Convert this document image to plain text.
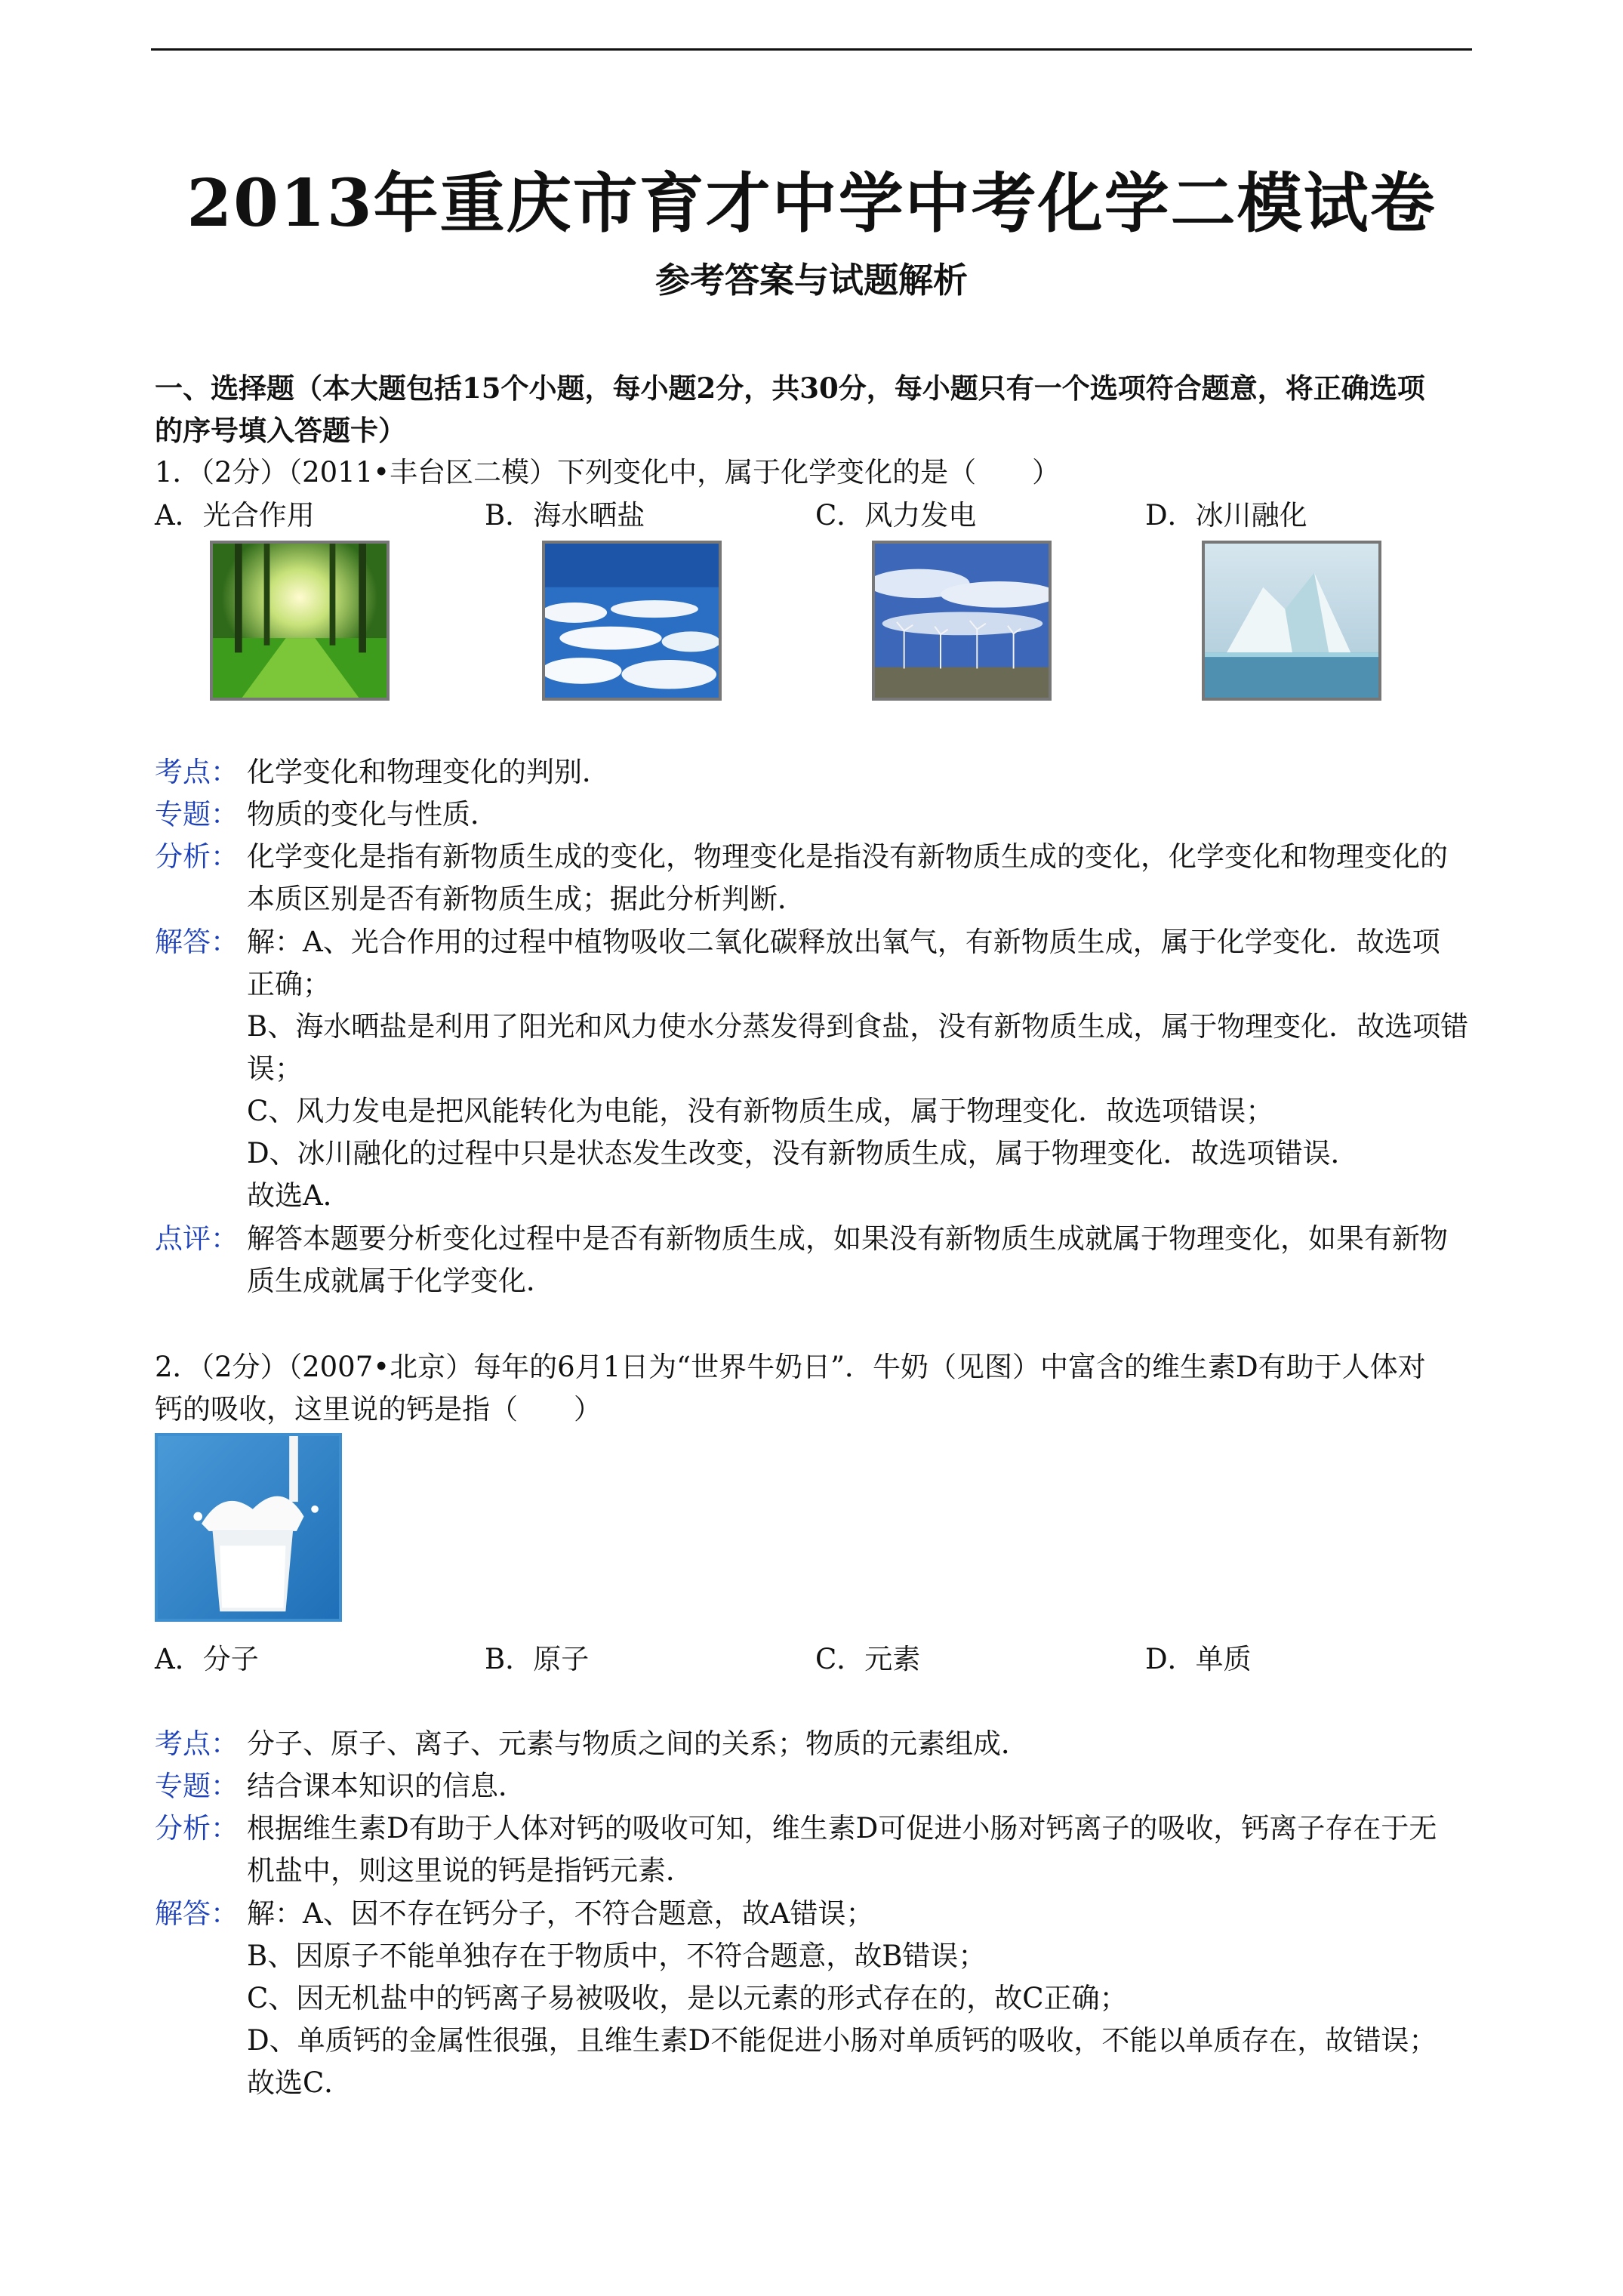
2013年重庆市育才中学中考化学二模试卷
参考答案与试题解析
一、选择题（本大题包括15个小题，每小题2分，共30分，每小题只有一个选项符合题意，将正确选项
的序号填入答题卡）
1．（2分）（2011•丰台区二模）下列变化中，属于化学变化的是（　　）
A．光合作用	B．海水晒盐	C．风力发电	D．冰川融化
考点： 化学变化和物理变化的判别．
专题： 物质的变化与性质．
分析： 化学变化是指有新物质生成的变化，物理变化是指没有新物质生成的变化，化学变化和物理变化的
本质区别是否有新物质生成；据此分析判断．
解答： 解：A、光合作用的过程中植物吸收二氧化碳释放出氧气，有新物质生成，属于化学变化．故选项
正确；
B、海水晒盐是利用了阳光和风力使水分蒸发得到食盐，没有新物质生成，属于物理变化．故选项错
误；
C、风力发电是把风能转化为电能，没有新物质生成，属于物理变化．故选项错误；
D、冰川融化的过程中只是状态发生改变，没有新物质生成，属于物理变化．故选项错误．
故选A．
点评： 解答本题要分析变化过程中是否有新物质生成，如果没有新物质生成就属于物理变化，如果有新物
质生成就属于化学变化．
2．（2分）（2007•北京）每年的6月1日为“世界牛奶日”．牛奶（见图）中富含的维生素D有助于人体对
钙的吸收，这里说的钙是指（　　）
A．分子	B．原子	C．元素	D．单质
考点： 分子、原子、离子、元素与物质之间的关系；物质的元素组成．
专题： 结合课本知识的信息．
分析： 根据维生素D有助于人体对钙的吸收可知，维生素D可促进小肠对钙离子的吸收，钙离子存在于无
机盐中，则这里说的钙是指钙元素．
解答： 解：A、因不存在钙分子，不符合题意，故A错误；
B、因原子不能单独存在于物质中，不符合题意，故B错误；
C、因无机盐中的钙离子易被吸收，是以元素的形式存在的，故C正确；
D、单质钙的金属性很强，且维生素D不能促进小肠对单质钙的吸收，不能以单质存在，故错误；
故选C．
